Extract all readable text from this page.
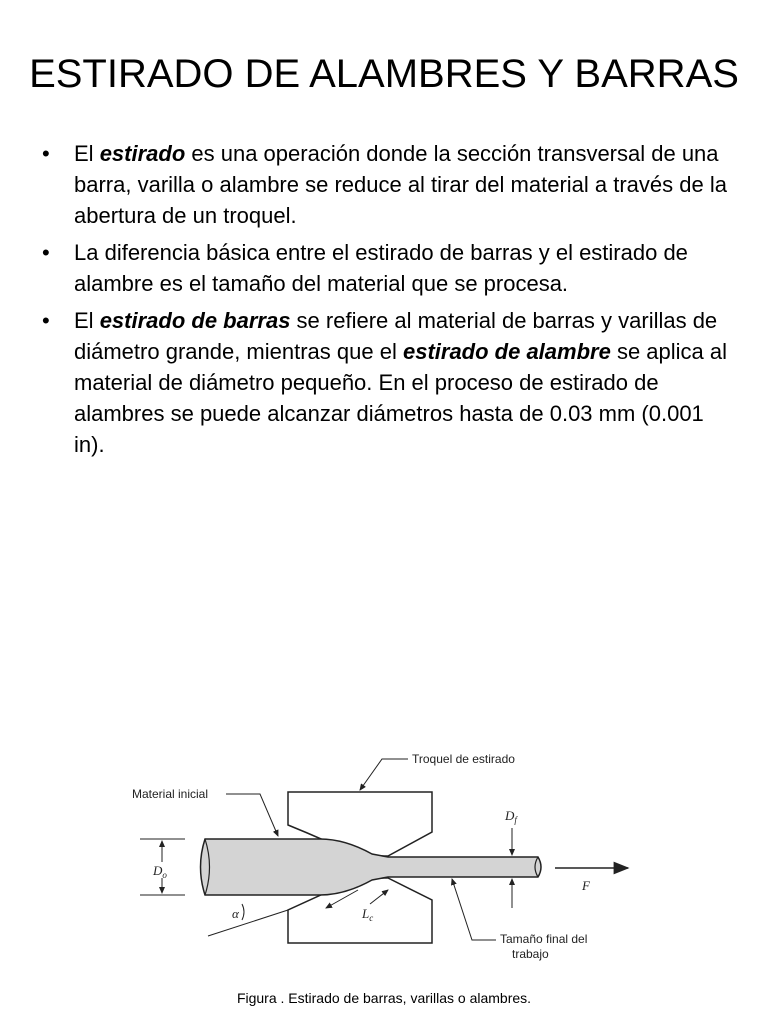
ESTIRADO DE ALAMBRES Y BARRAS
• El estirado es una operación donde la sección transversal de una barra, varilla o alambre se reduce al tirar del material a través de la abertura de un troquel.
• La diferencia básica entre el estirado de barras y el estirado de alambre es el tamaño del material que se procesa.
• El estirado de barras se refiere al material de barras y varillas de diámetro grande, mientras que el estirado de alambre se aplica al material de diámetro pequeño. En el proceso de estirado de alambres se puede alcanzar diámetros hasta de 0.03 mm (0.001 in).
$D_o$
$D_f$
F
Troquel de estirado
Material inicial
α	$L_c$
Tamaño final del
trabajo
Figura . Estirado de barras, varillas o alambres.
